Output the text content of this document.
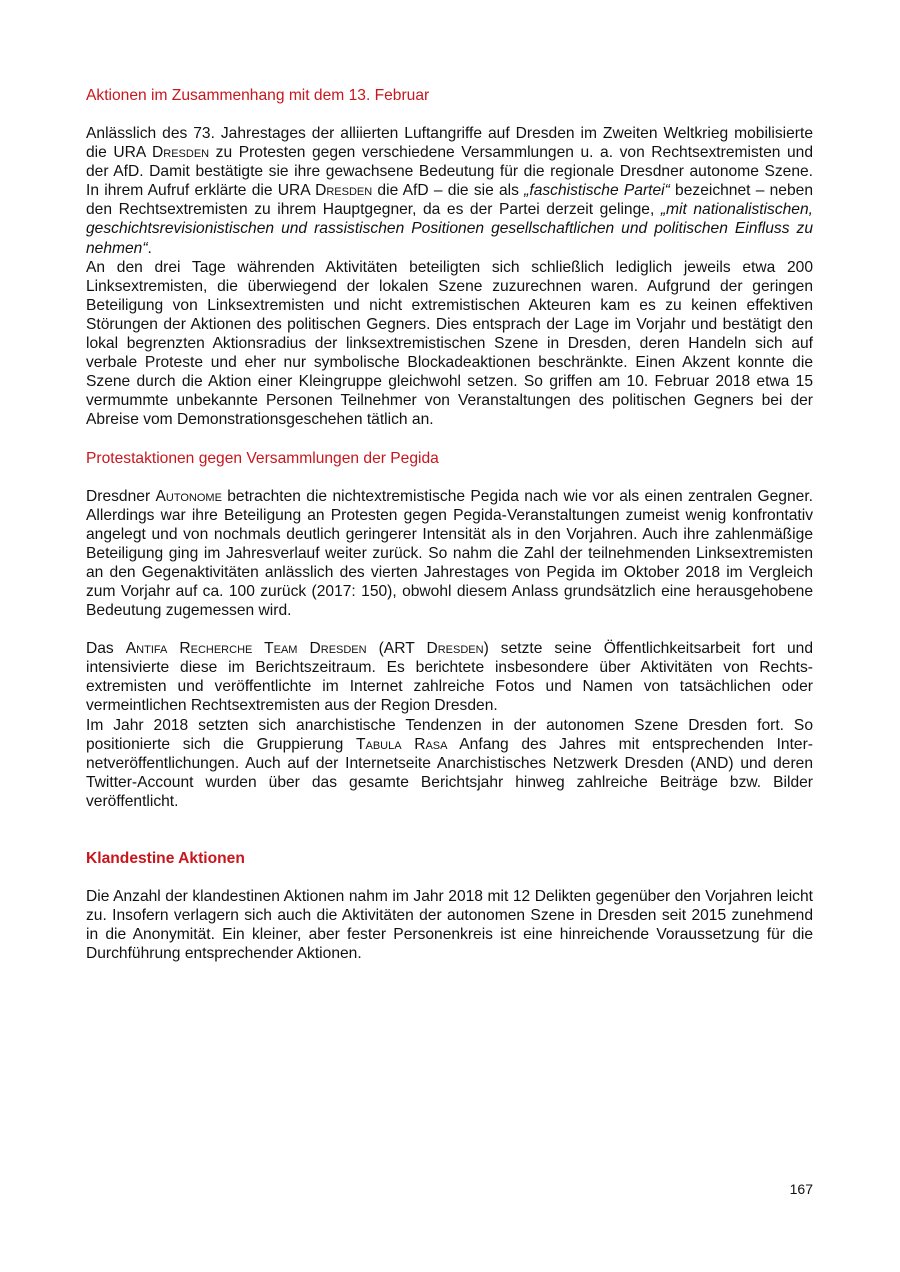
Aktionen im Zusammenhang mit dem 13. Februar

Anlässlich des 73. Jahrestages der alliierten Luftangriffe auf Dresden im Zweiten Weltkrieg mobilisierte die URA Dresden zu Protesten gegen verschiedene Versammlungen u. a. von Rechtsextremisten und der AfD. Damit bestätigte sie ihre gewachsene Bedeutung für die regionale Dresdner autonome Szene. In ihrem Aufruf erklärte die URA Dresden die AfD – die sie als „faschistische Partei“ bezeichnet – neben den Rechtsextremisten zu ihrem Hauptgegner, da es der Partei derzeit gelinge, „mit nationalistischen, geschichtsrevisionistischen und rassistischen Positionen gesellschaftlichen und politischen Einfluss zu nehmen“.

An den drei Tage währenden Aktivitäten beteiligten sich schließlich lediglich jeweils etwa 200 Linksextremisten, die überwiegend der lokalen Szene zuzurechnen waren. Aufgrund der geringen Beteiligung von Linksextremisten und nicht extremistischen Akteuren kam es zu keinen effektiven Störungen der Aktionen des politischen Gegners. Dies entsprach der Lage im Vorjahr und bestätigt den lokal begrenzten Aktionsradius der linksextremistischen Szene in Dresden, deren Handeln sich auf verbale Proteste und eher nur symbolische Blockadeaktionen beschränkte. Einen Akzent konnte die Szene durch die Aktion einer Kleingruppe gleichwohl setzen. So griffen am 10. Februar 2018 etwa 15 vermummte unbekannte Personen Teilnehmer von Veranstaltungen des politischen Gegners bei der Abreise vom Demonstrationsgeschehen tätlich an.

Protestaktionen gegen Versammlungen der Pegida

Dresdner Autonome betrachten die nichtextremistische Pegida nach wie vor als einen zentralen Gegner. Allerdings war ihre Beteiligung an Protesten gegen Pegida-Veranstaltungen zumeist wenig konfrontativ angelegt und von nochmals deutlich geringerer Intensität als in den Vorjahren. Auch ihre zahlenmäßige Beteiligung ging im Jahresverlauf weiter zurück. So nahm die Zahl der teilnehmenden Linksextremisten an den Gegenaktivitäten anlässlich des vierten Jahrestages von Pegida im Oktober 2018 im Vergleich zum Vorjahr auf ca. 100 zurück (2017: 150), obwohl diesem Anlass grundsätzlich eine herausgehobene Bedeutung zugemessen wird.

Das Antifa Recherche Team Dresden (ART Dresden) setzte seine Öffentlichkeitsarbeit fort und intensivierte diese im Berichtszeitraum. Es berichtete insbesondere über Aktivitäten von Rechtsextremisten und veröffentlichte im Internet zahlreiche Fotos und Namen von tatsächlichen oder vermeintlichen Rechtsextremisten aus der Region Dresden.

Im Jahr 2018 setzten sich anarchistische Tendenzen in der autonomen Szene Dresden fort. So positionierte sich die Gruppierung Tabula Rasa Anfang des Jahres mit entsprechenden Internetveröffentlichungen. Auch auf der Internetseite Anarchistisches Netzwerk Dresden (AND) und deren Twitter-Account wurden über das gesamte Berichtsjahr hinweg zahlreiche Beiträge bzw. Bilder veröffentlicht.

Klandestine Aktionen

Die Anzahl der klandestinen Aktionen nahm im Jahr 2018 mit 12 Delikten gegenüber den Vorjahren leicht zu. Insofern verlagern sich auch die Aktivitäten der autonomen Szene in Dresden seit 2015 zunehmend in die Anonymität. Ein kleiner, aber fester Personenkreis ist eine hinreichende Voraussetzung für die Durchführung entsprechender Aktionen.

167
